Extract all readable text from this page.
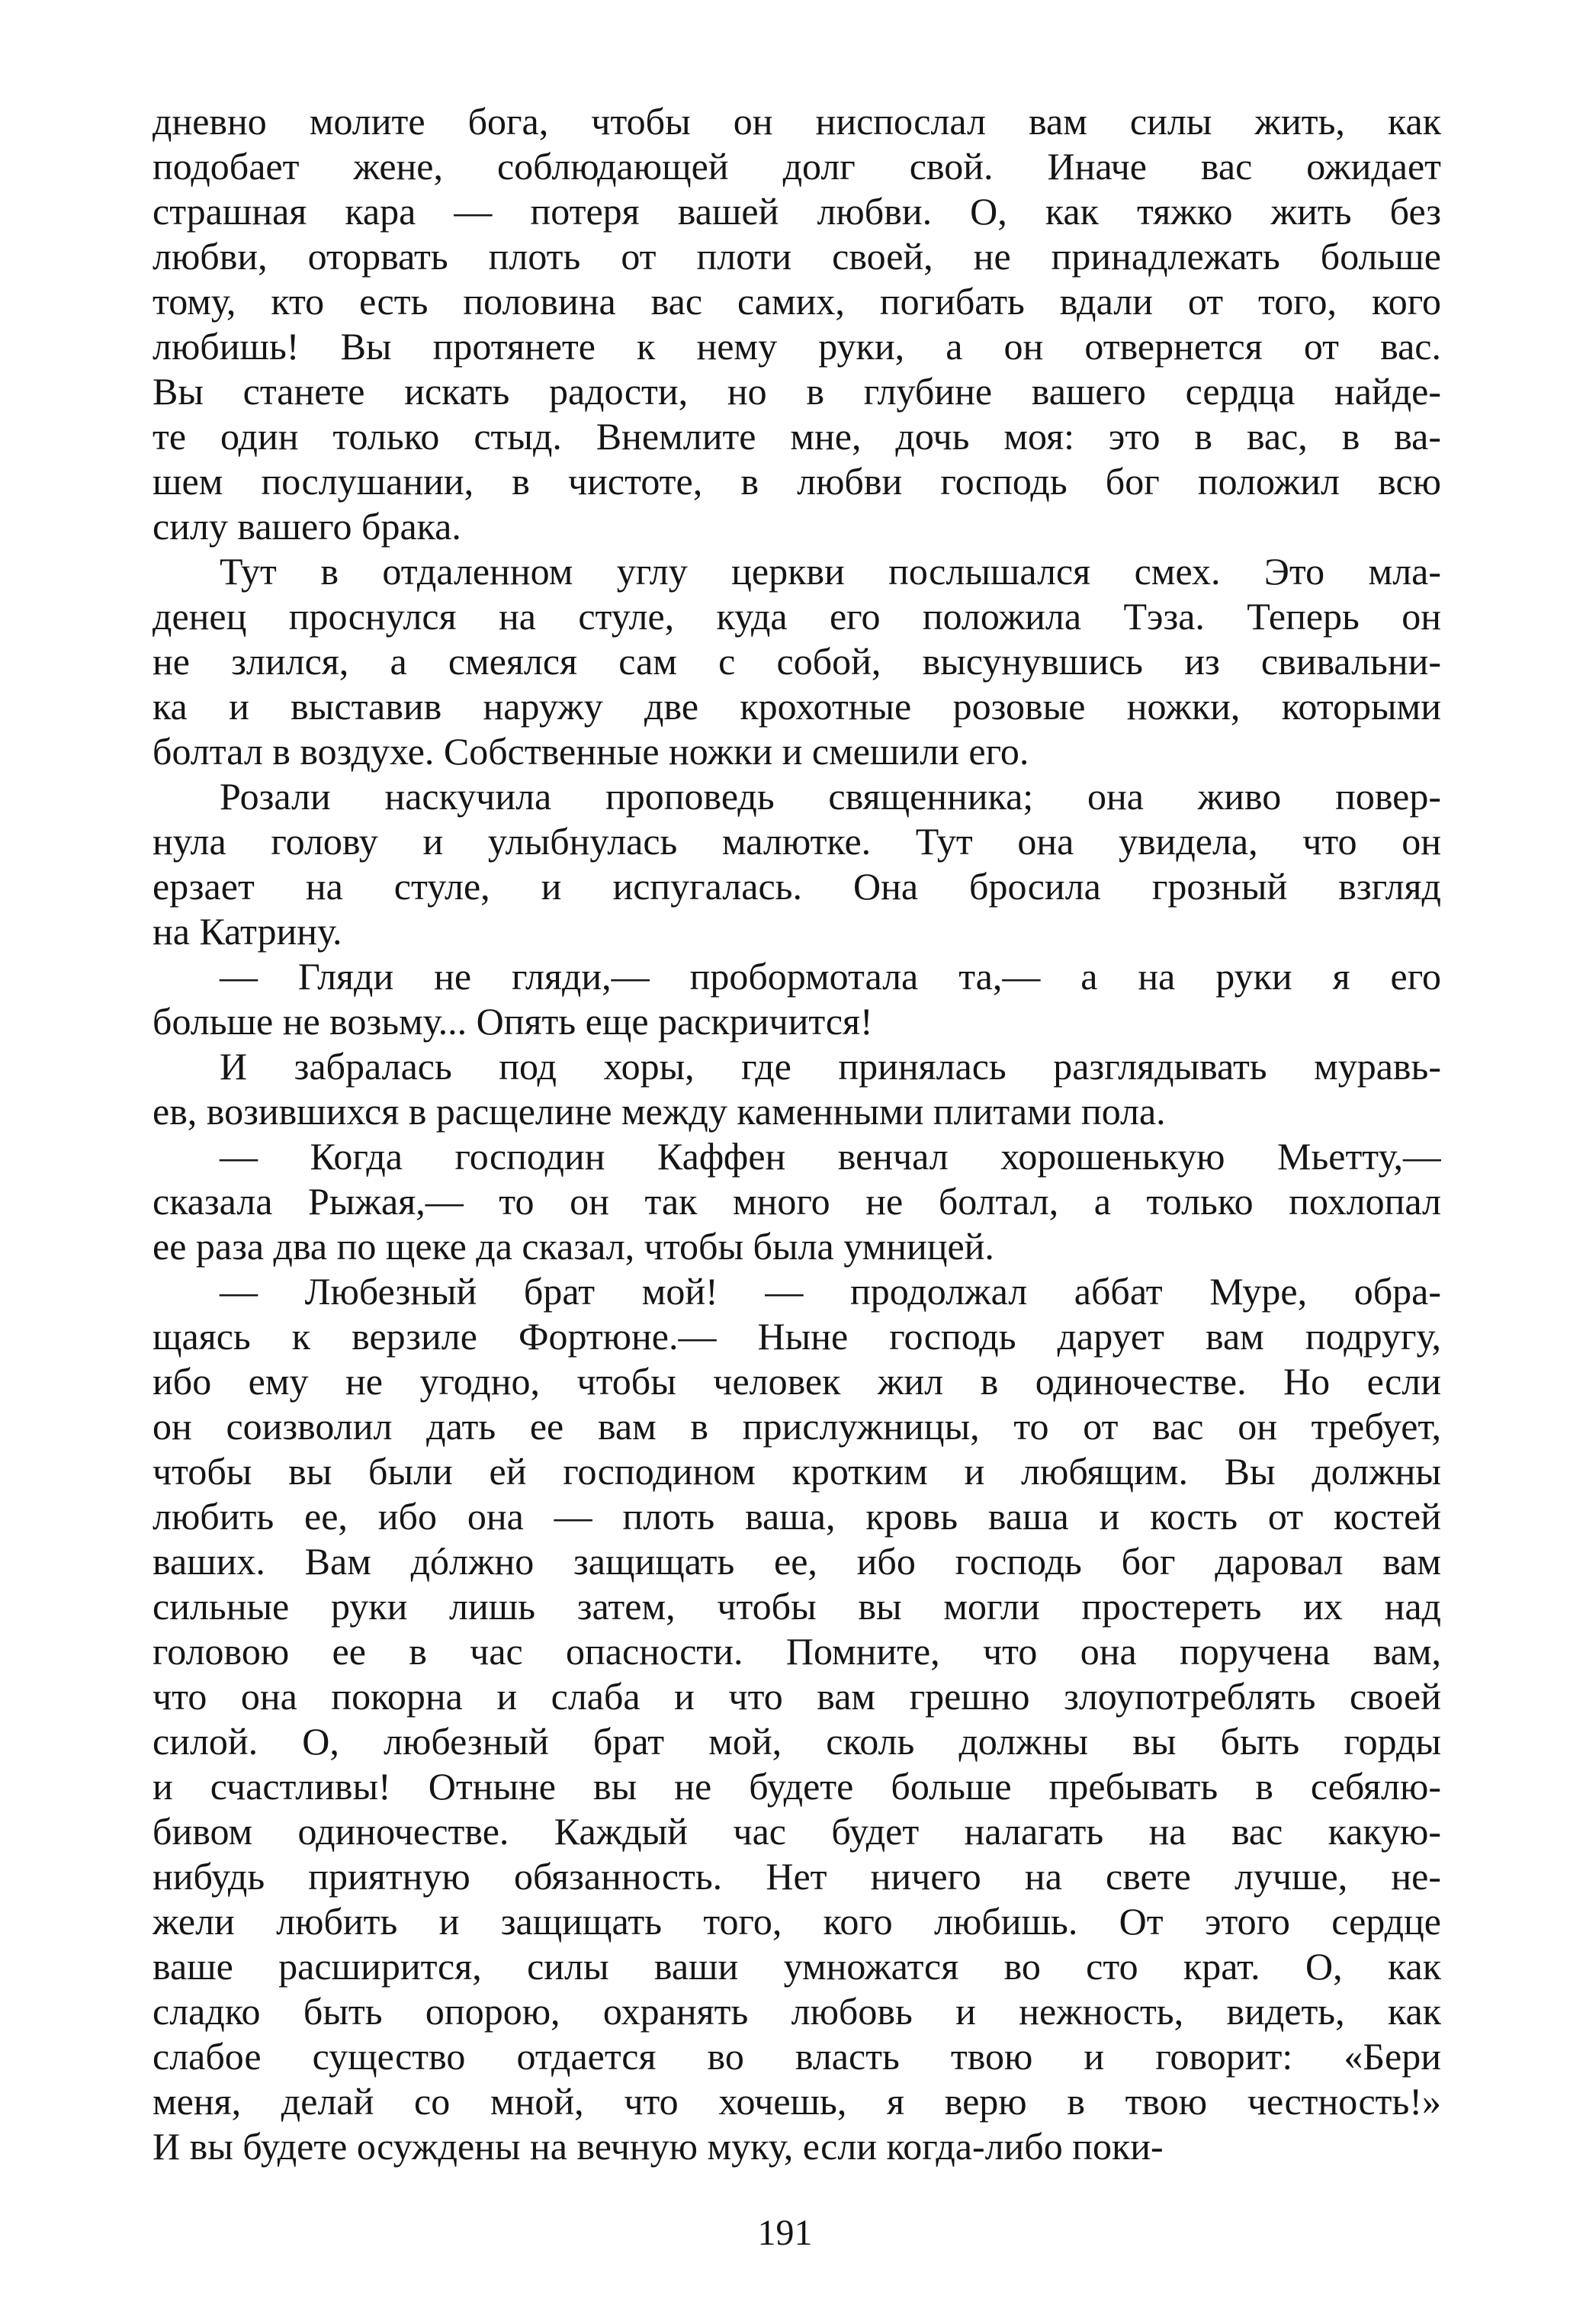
дневно молите бога, чтобы он ниспослал вам силы жить, как
подобает жене, соблюдающей долг свой. Иначе вас ожидает
страшная кара — потеря вашей любви. О, как тяжко жить без
любви, оторвать плоть от плоти своей, не принадлежать больше
тому, кто есть половина вас самих, погибать вдали от того, кого
любишь! Вы протянете к нему руки, а он отвернется от вас.
Вы станете искать радости, но в глубине вашего сердца найде-
те один только стыд. Внемлите мне, дочь моя: это в вас, в ва-
шем послушании, в чистоте, в любви господь бог положил всю
силу вашего брака.
Тут в отдаленном углу церкви послышался смех. Это мла-
денец проснулся на стуле, куда его положила Тэза. Теперь он
не злился, а смеялся сам с собой, высунувшись из свивальни-
ка и выставив наружу две крохотные розовые ножки, которыми
болтал в воздухе. Собственные ножки и смешили его.
Розали наскучила проповедь священника; она живо повер-
нула голову и улыбнулась малютке. Тут она увидела, что он
ерзает на стуле, и испугалась. Она бросила грозный взгляд
на Катрину.
— Гляди не гляди,— пробормотала та,— а на руки я его
больше не возьму... Опять еще раскричится!
И забралась под хоры, где принялась разглядывать муравь-
ев, возившихся в расщелине между каменными плитами пола.
— Когда господин Каффен венчал хорошенькую Мьетту,—
сказала Рыжая,— то он так много не болтал, а только похлопал
ее раза два по щеке да сказал, чтобы была умницей.
— Любезный брат мой! — продолжал аббат Муре, обра-
щаясь к верзиле Фортюне.— Ныне господь дарует вам подругу,
ибо ему не угодно, чтобы человек жил в одиночестве. Но если
он соизволил дать ее вам в прислужницы, то от вас он требует,
чтобы вы были ей господином кротким и любящим. Вы должны
любить ее, ибо она — плоть ваша, кровь ваша и кость от костей
ваших. Вам дóлжно защищать ее, ибо господь бог даровал вам
сильные руки лишь затем, чтобы вы могли простереть их над
головою ее в час опасности. Помните, что она поручена вам,
что она покорна и слаба и что вам грешно злоупотреблять своей
силой. О, любезный брат мой, сколь должны вы быть горды
и счастливы! Отныне вы не будете больше пребывать в себялю-
бивом одиночестве. Каждый час будет налагать на вас какую-
нибудь приятную обязанность. Нет ничего на свете лучше, не-
жели любить и защищать того, кого любишь. От этого сердце
ваше расширится, силы ваши умножатся во сто крат. О, как
сладко быть опорою, охранять любовь и нежность, видеть, как
слабое существо отдается во власть твою и говорит: «Бери
меня, делай со мной, что хочешь, я верю в твою честность!»
И вы будете осуждены на вечную муку, если когда-либо поки-
191
